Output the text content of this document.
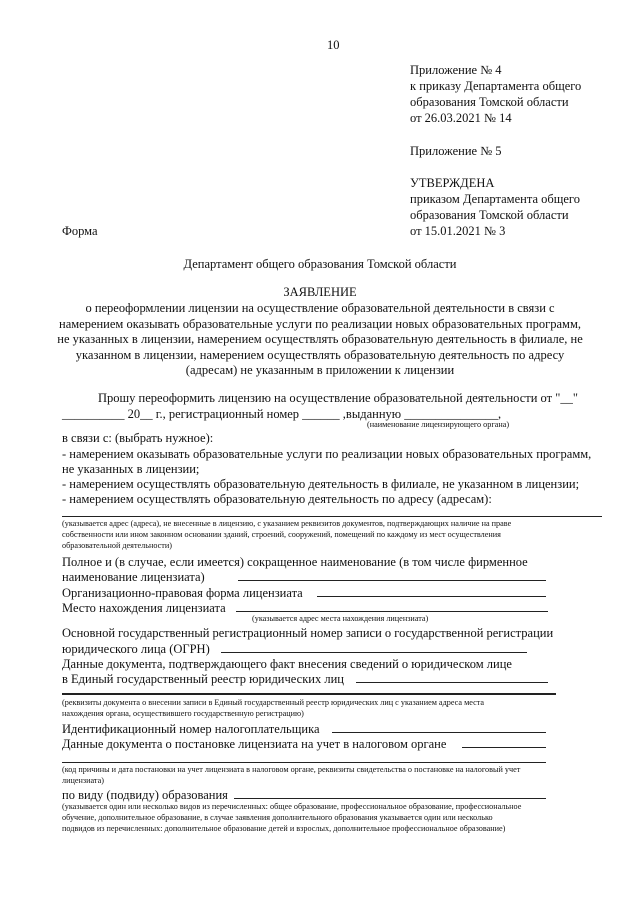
10
Приложение № 4
к приказу Департамента общего
образования Томской области
от 26.03.2021 № 14
Приложение № 5
УТВЕРЖДЕНА
приказом Департамента общего
образования Томской области
от 15.01.2021 № 3
Форма
Департамент общего образования Томской области
ЗАЯВЛЕНИЕ
о переоформлении лицензии на осуществление образовательной деятельности в связи с
намерением оказывать образовательные услуги по реализации новых образовательных программ,
не указанных в лицензии, намерением осуществлять образовательную деятельность в филиале, не
указанном в лицензии, намерением осуществлять образовательную деятельность по адресу
(адресам) не указанным в приложении к лицензии
Прошу переоформить лицензию на осуществление образовательной деятельности от "__"
__________ 20__ г., регистрационный номер ______ ,выданную _______________,
(наименование лицензирующего органа)
в связи с: (выбрать нужное):
- намерением оказывать образовательные услуги по реализации новых образовательных программ,
не указанных в лицензии;
- намерением осуществлять образовательную деятельность в филиале, не указанном в лицензии;
- намерением осуществлять образовательную деятельность по адресу (адресам):
(указывается адрес (адреса), не внесенные в лицензию, с указанием реквизитов документов, подтверждающих наличие на праве
собственности или ином законном основании зданий, строений, сооружений, помещений по каждому из мест осуществления
образовательной деятельности)
Полное и (в случае, если имеется) сокращенное наименование (в том числе фирменное
наименование лицензиата)
Организационно-правовая форма лицензиата
Место нахождения лицензиата
(указывается адрес места нахождения лицензиата)
Основной государственный регистрационный номер записи о государственной регистрации
юридического лица (ОГРН)
Данные документа, подтверждающего факт внесения сведений о юридическом лице
в Единый государственный реестр юридических лиц
(реквизиты документа о внесении записи в Единый государственный реестр юридических лиц с указанием адреса места
нахождения органа, осуществившего государственную регистрацию)
Идентификационный номер налогоплательщика
Данные документа о постановке лицензиата на учет в налоговом органе
(код причины и дата постановки на учет лицензиата в налоговом органе, реквизиты свидетельства о постановке на налоговый учет
лицензиата)
по виду (подвиду) образования
(указывается один или несколько видов из перечисленных: общее образование, профессиональное образование, профессиональное
обучение, дополнительное образование, в случае заявления дополнительного образования указывается один или несколько
подвидов из перечисленных: дополнительное образование детей и взрослых, дополнительное профессиональное образование)
